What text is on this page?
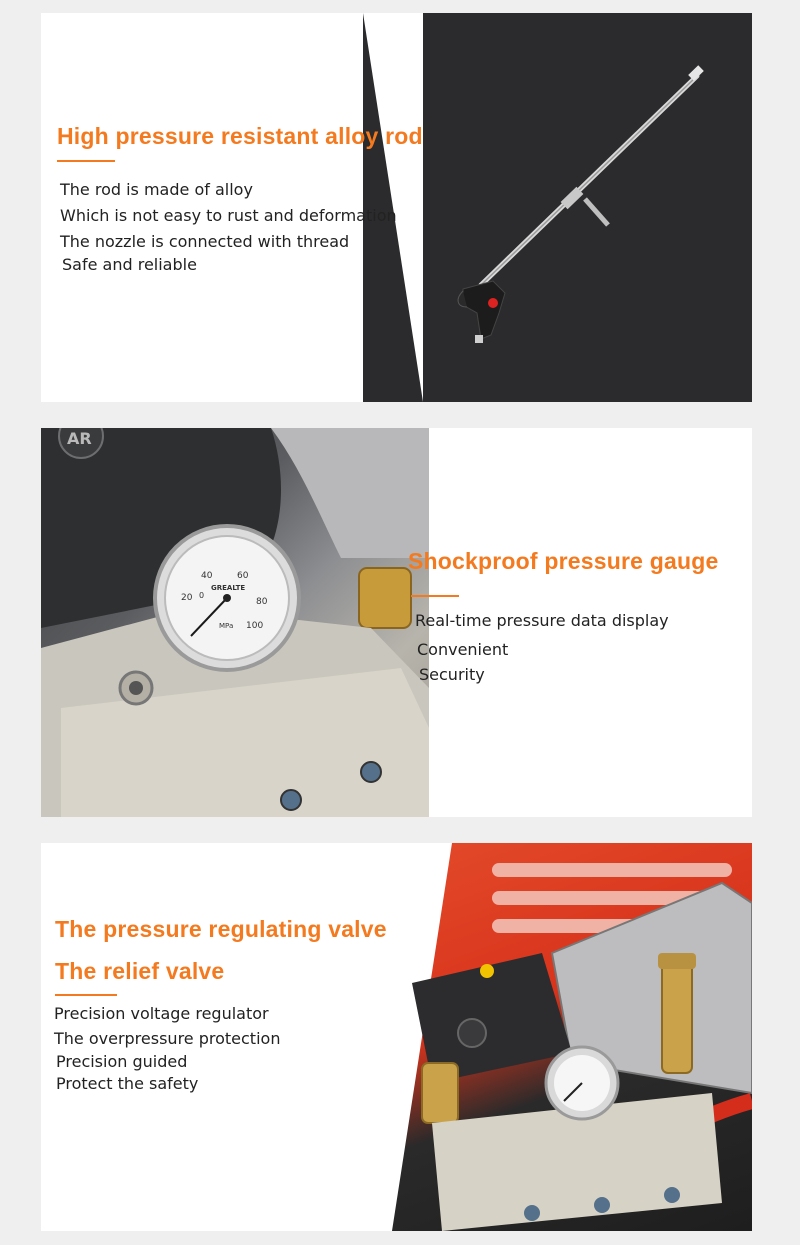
High pressure resistant alloy rod
The rod is made of alloy
Which is not easy to rust and deformation
The nozzle is connected with thread
Safe and reliable
AR
0
20
40	60
80
100
GREALTE
MPa
Shockproof pressure gauge
Real-time pressure data display
Convenient
Security
The pressure regulating valve
The relief valve
Precision voltage regulator
The overpressure protection
Precision guided
Protect the safety
